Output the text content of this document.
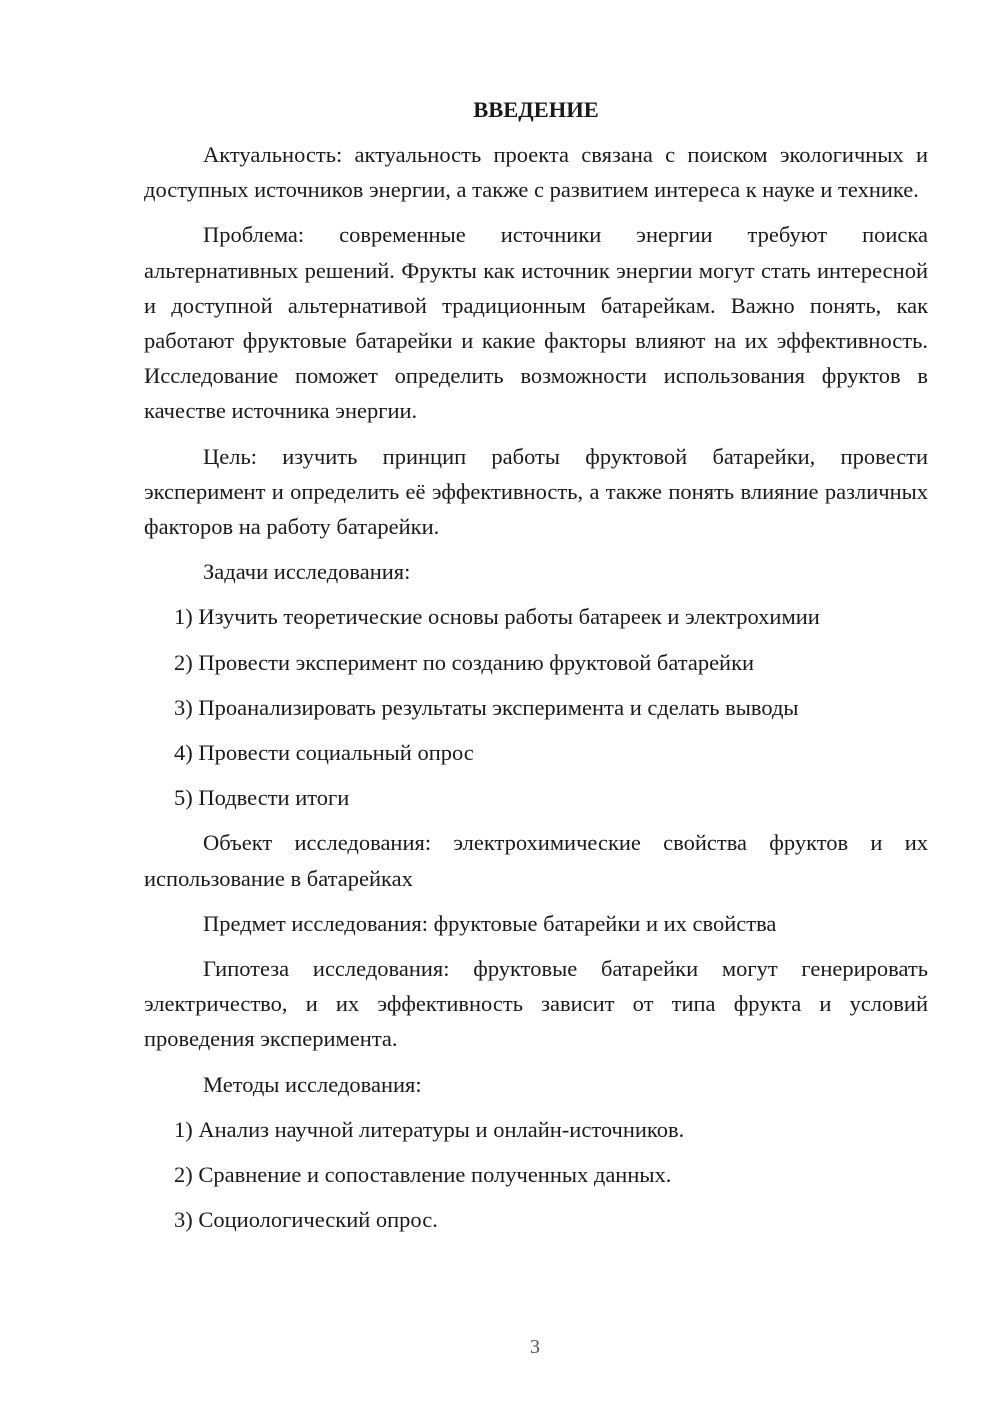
ВВЕДЕНИЕ

Актуальность: актуальность проекта связана с поиском экологичных и доступных источников энергии, а также с развитием интереса к науке и технике.

Проблема: современные источники энергии требуют поиска альтернативных решений. Фрукты как источник энергии могут стать интересной и доступной альтернативой традиционным батарейкам. Важно понять, как работают фруктовые батарейки и какие факторы влияют на их эффективность. Исследование поможет определить возможности использования фруктов в качестве источника энергии.

Цель: изучить принцип работы фруктовой батарейки, провести эксперимент и определить её эффективность, а также понять влияние различных факторов на работу батарейки.

Задачи исследования:

1) Изучить теоретические основы работы батареек и электрохимии

2) Провести эксперимент по созданию фруктовой батарейки

3) Проанализировать результаты эксперимента и сделать выводы

4) Провести социальный опрос

5) Подвести итоги

Объект исследования: электрохимические свойства фруктов и их использование в батарейках

Предмет исследования: фруктовые батарейки и их свойства

Гипотеза исследования: фруктовые батарейки могут генерировать электричество, и их эффективность зависит от типа фрукта и условий проведения эксперимента.

Методы исследования:

1) Анализ научной литературы и онлайн-источников.

2) Сравнение и сопоставление полученных данных.

3) Социологический опрос.

3
